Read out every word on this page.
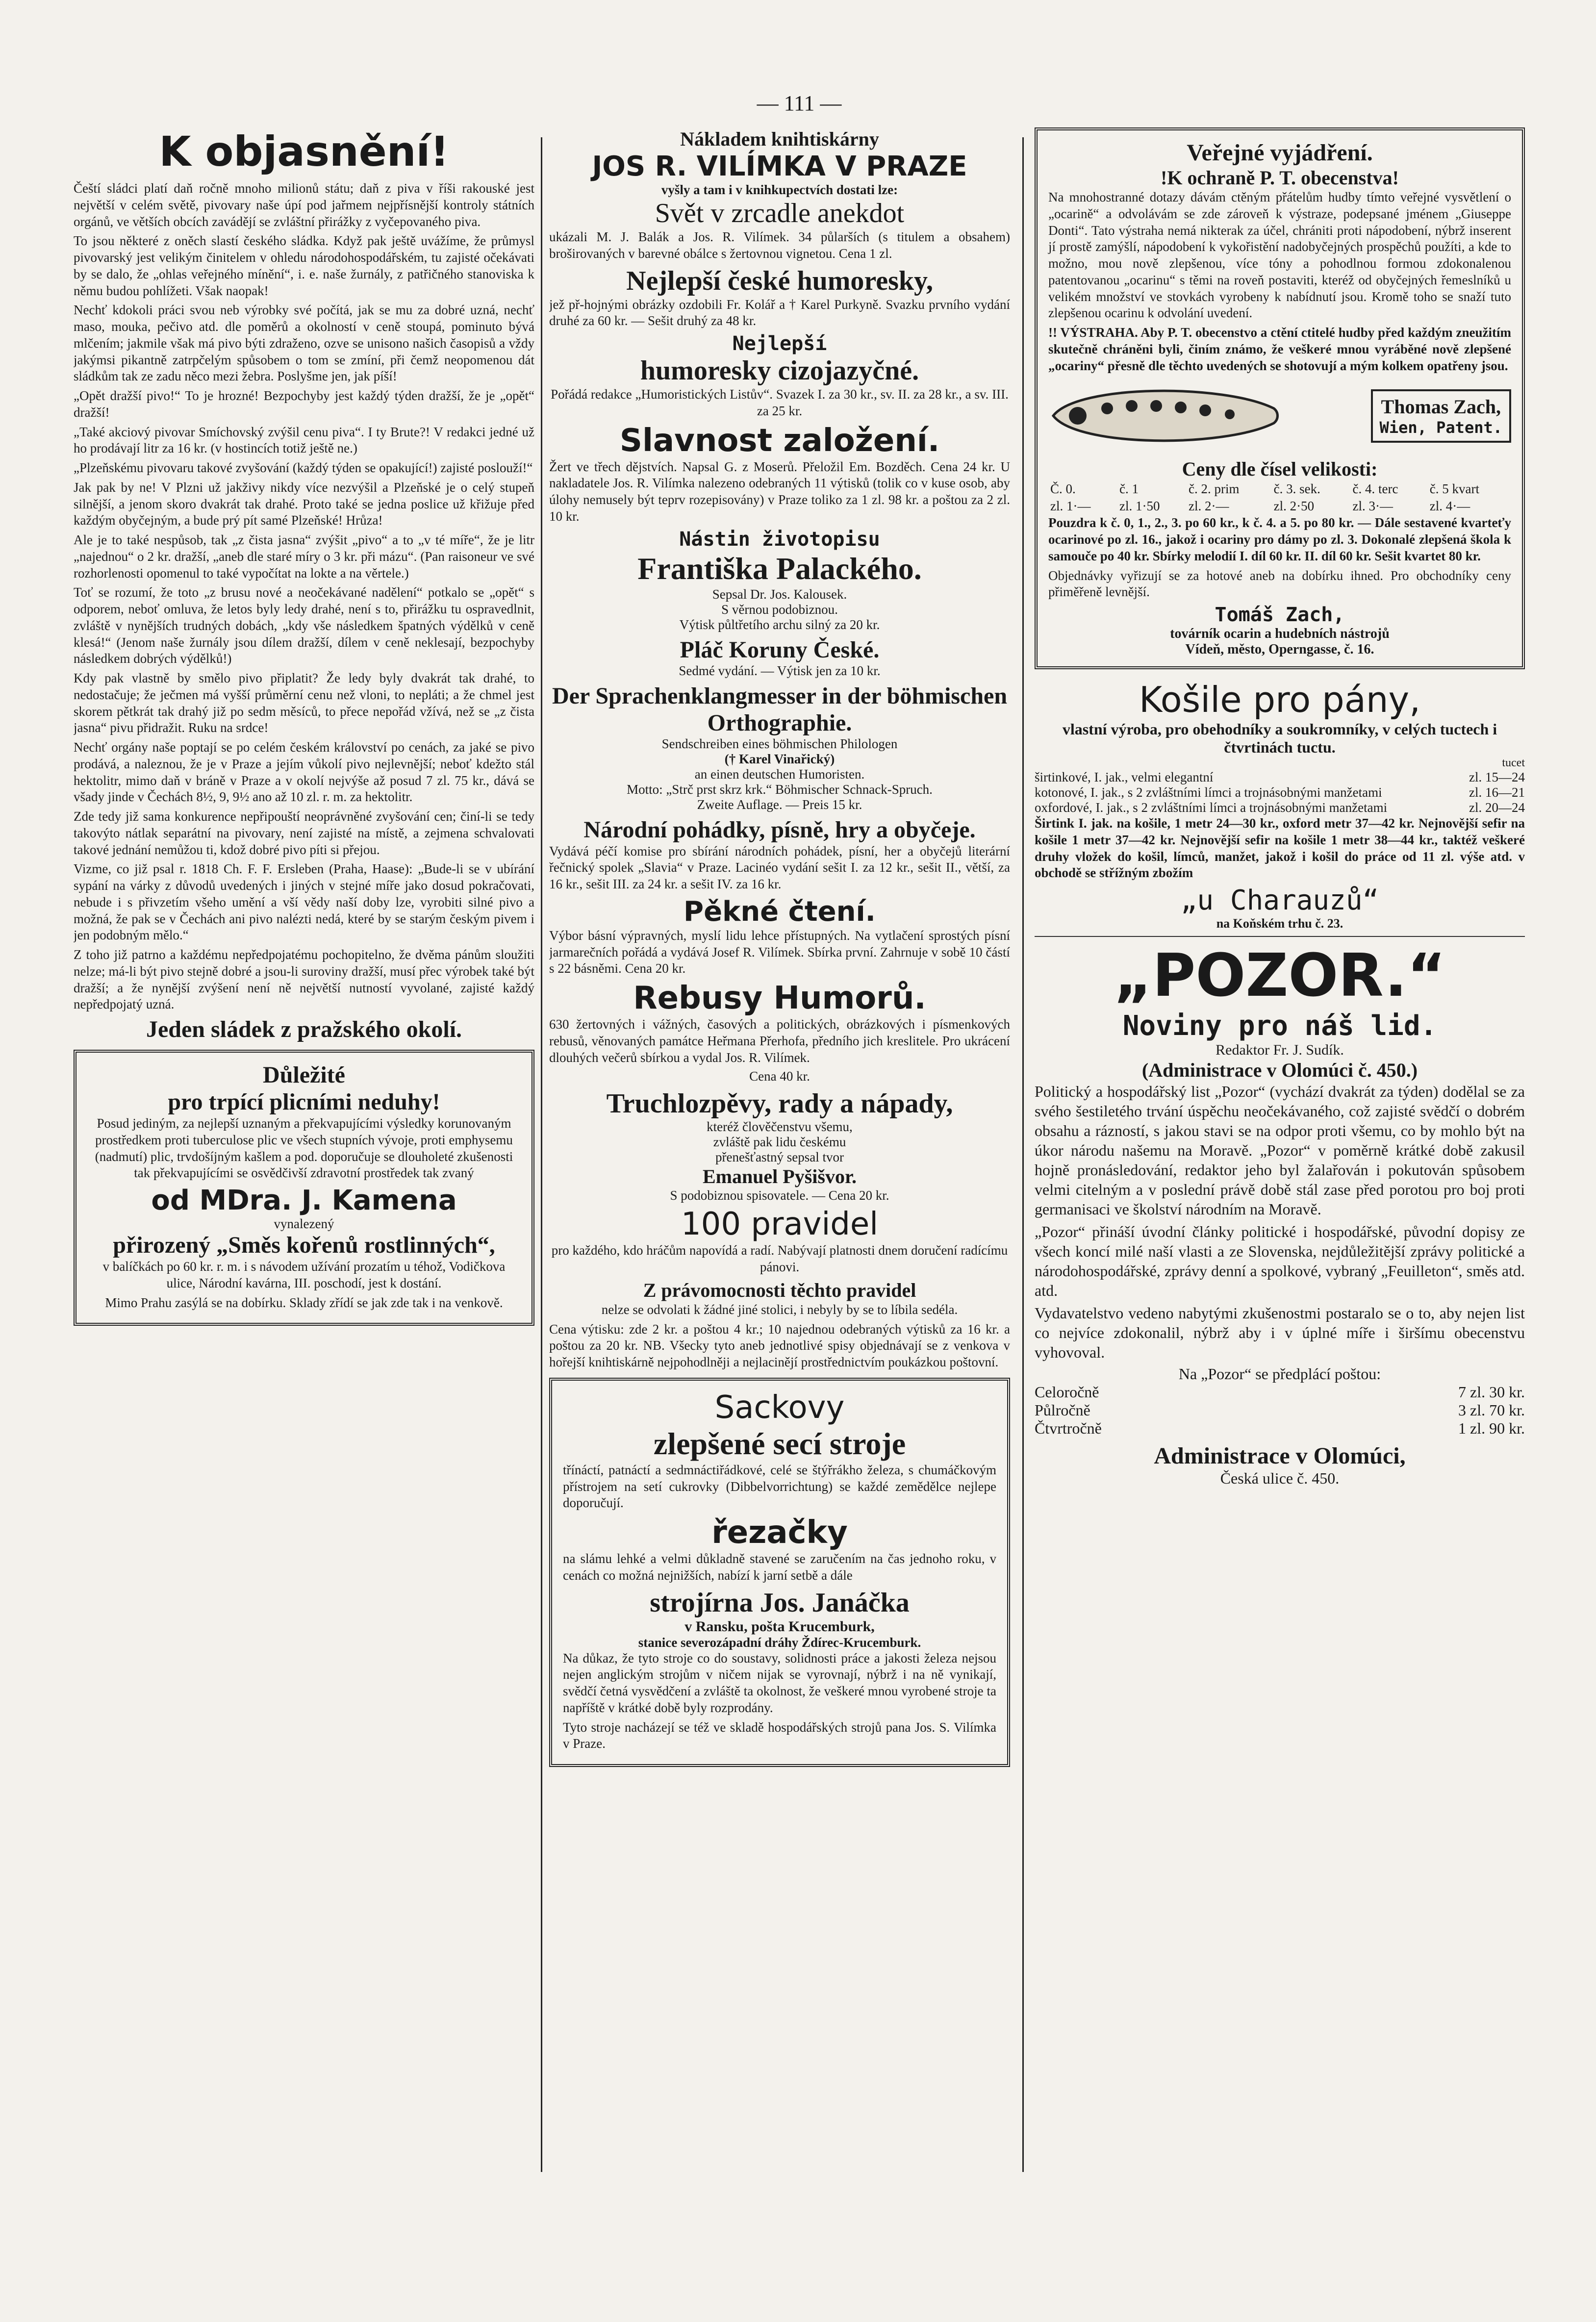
— 111 —
K objasnění!

Čeští sládci platí daň ročně mnoho milionů státu; daň z piva v říši rakouské jest největší v celém světě, pivovary naše úpí pod jařmem nejpřísnější kontroly státních orgánů, ve větších obcích zavádějí se zvláštní přirážky z vyčepovaného piva.

To jsou některé z oněch slastí českého sládka. Když pak ještě uvážíme, že průmysl pivovarský jest velikým činitelem v ohledu národohospodářském, tu zajisté očekávati by se dalo, že „ohlas veřejného mínění“, i. e. naše žurnály, z patřičného stanoviska k němu budou pohlížeti. Však naopak!

Nechť kdokoli práci svou neb výrobky své počítá, jak se mu za dobré uzná, nechť maso, mouka, pečivo atd. dle poměrů a okolností v ceně stoupá, pominuto bývá mlčením; jakmile však má pivo býti zdraženo, ozve se unisono našich časopisů a vždy jakýmsi pikantně zatrpčelým spůsobem o tom se zmíní, při čemž neopomenou dát sládkům tak ze zadu něco mezi žebra. Poslyšme jen, jak píší!

„Opět dražší pivo!“ To je hrozné! Bezpochyby jest každý týden dražší, že je „opět“ dražší!

„Také akciový pivovar Smíchovský zvýšil cenu piva“. I ty Brute?! V redakci jedné už ho prodávají litr za 16 kr. (v hostincích totiž ještě ne.)

„Plzeňskému pivovaru takové zvyšování (každý týden se opakující!) zajisté poslouží!“

Jak pak by ne! V Plzni už jakživy nikdy více nezvýšil a Plzeňské je o celý stupeň silnější, a jenom skoro dvakrát tak drahé. Proto také se jedna poslice už křižuje před každým obyčejným, a bude prý pít samé Plzeňské! Hrůza!

Ale je to také nespůsob, tak „z čista jasna“ zvýšit „pivo“ a to „v té míře“, že je litr „najednou“ o 2 kr. dražší, „aneb dle staré míry o 3 kr. při mázu“. (Pan raisoneur ve své rozhorlenosti opomenul to také vypočítat na lokte a na věrtele.)

Toť se rozumí, že toto „z brusu nové a neočekávané nadělení“ potkalo se „opět“ s odporem, neboť omluva, že letos byly ledy drahé, není s to, přirážku tu ospravedlnit, zvláště v nynějších trudných dobách, „kdy vše následkem špatných výdělků v ceně klesá!“ (Jenom naše žurnály jsou dílem dražší, dílem v ceně neklesají, bezpochyby následkem dobrých výdělků!)

Kdy pak vlastně by smělo pivo připlatit? Že ledy byly dvakrát tak drahé, to nedostačuje; že ječmen má vyšší průměrní cenu než vloni, to nepláti; a že chmel jest skorem pětkrát tak drahý již po sedm měsíců, to přece nepořád vžívá, než se „z čista jasna“ pivu přidražit. Ruku na srdce!

Nechť orgány naše poptají se po celém českém království po cenách, za jaké se pivo prodává, a naleznou, že je v Praze a jejím vůkolí pivo nejlevnější; neboť kdežto stál hektolitr, mimo daň v bráně v Praze a v okolí nejvýše až posud 7 zl. 75 kr., dává se všady jinde v Čechách 8½, 9, 9½ ano až 10 zl. r. m. za hektolitr.

Zde tedy již sama konkurence nepřipouští neoprávněné zvyšování cen; činí-li se tedy takovýto nátlak separátní na pivovary, není zajisté na místě, a zejmena schvalovati takové jednání nemůžou ti, kdož dobré pivo píti si přejou.

Vizme, co již psal r. 1818 Ch. F. F. Ersleben (Praha, Haase): „Bude-li se v ubírání sypání na várky z důvodů uvedených i jiných v stejné míře jako dosud pokračovati, nebude i s přivzetím všeho umění a vší vědy naší doby lze, vyrobiti silné pivo a možná, že pak se v Čechách ani pivo nalézti nedá, které by se starým českým pivem i jen podobným mělo.“

Z toho již patrno a každému nepředpojatému pochopitelno, že dvěma pánům sloužiti nelze; má-li být pivo stejně dobré a jsou-li suroviny dražší, musí přec výrobek také být dražší; a že nynější zvýšení není ně největší nutností vyvolané, zajisté každý nepředpojatý uzná.

Jeden sládek z pražského okolí.
Důležité
pro trpící plicními neduhy!

Posud jediným, za nejlepší uznaným a překvapujícími výsledky korunovaným prostředkem proti tuberculose plic ve všech stupních vývoje, proti emphysemu (nadmutí) plic, trvdošíjným kašlem a pod. doporučuje se dlouholeté zkušenosti tak překvapujícími se osvědčivší zdravotní prostředek tak zvaný

od MDra. J. Kamena
vynalezený
přirozený „Směs kořenů rostlinných“,

v balíčkách po 60 kr. r. m. i s návodem užívání prozatím u téhož, Vodičkova ulice, Národní kavárna, III. poschodí, jest k dostání.

Mimo Prahu zasýlá se na dobírku. Sklady zřídí se jak zde tak i na venkově.

Nákladem knihtiskárny
JOS R. VILÍMKA V PRAZE
vyšly a tam i v knihkupectvích dostati lze:
Svět v zrcadle anekdot

ukázali M. J. Balák a Jos. R. Vilímek. 34 půlarších (s titulem a obsahem) broširovaných v barevné obálce s žertovnou vignetou. Cena 1 zl.

Nejlepší české humoresky,

jež př-hojnými obrázky ozdobili Fr. Kolář a † Karel Purkyně. Svazku prvního vydání druhé za 60 kr. — Sešit druhý za 48 kr.

Nejlepší
humoresky cizojazyčné.

Pořádá redakce „Humoristických Listův“. Svazek I. za 30 kr., sv. II. za 28 kr., a sv. III. za 25 kr.

Slavnost založení.

Žert ve třech dějstvích. Napsal G. z Moserů. Přeložil Em. Bozděch. Cena 24 kr. U nakladatele Jos. R. Vilímka nalezeno odebraných 11 výtisků (tolik co v kuse osob, aby úlohy nemusely být teprv rozepisovány) v Praze toliko za 1 zl. 98 kr. a poštou za 2 zl. 10 kr.

Nástin životopisu
Františka Palackého.
Sepsal Dr. Jos. Kalousek.
S věrnou podobiznou.
Výtisk půltřetího archu silný za 20 kr.
Pláč Koruny České.
Sedmé vydání. — Výtisk jen za 10 kr.
Der Sprachenklangmesser in der böhmischen Orthographie.
Sendschreiben eines böhmischen Philologen
(† Karel Vinařický)
an einen deutschen Humoristen.
Motto: „Strč prst skrz krk.“ Böhmischer Schnack-Spruch.
Zweite Auflage. — Preis 15 kr.
Národní pohádky, písně, hry a obyčeje.

Vydává péčí komise pro sbírání národních pohádek, písní, her a obyčejů literární řečnický spolek „Slavia“ v Praze. Lacinéo vydání sešit I. za 12 kr., sešit II., větší, za 16 kr., sešit III. za 24 kr. a sešit IV. za 16 kr.

Pěkné čtení.

Výbor básní výpravných, myslí lidu lehce přístupných. Na vytlačení sprostých písní jarmarečních pořádá a vydává Josef R. Vilímek. Sbírka první. Zahrnuje v sobě 10 částí s 22 básněmi. Cena 20 kr.

Rebusy Humorů.

630 žertovných i vážných, časových a politických, obrázkových i písmenkových rebusů, věnovaných památce Heřmana Přerhofa, předního jich kreslitele. Pro ukrácení dlouhých večerů sbírkou a vydal Jos. R. Vilímek.

Cena 40 kr.
Truchlozpěvy, rady a nápady,
kteréž člověčenstvu všemu,
zvláště pak lidu českému
přenešťastný sepsal tvor
Emanuel Pyšišvor.
S podobiznou spisovatele. — Cena 20 kr.
100 pravidel

pro každého, kdo hráčům napovídá a radí. Nabývají platnosti dnem doručení radícímu pánovi.

Z právomocnosti těchto pravidel

nelze se odvolati k žádné jiné stolici, i nebyly by se to líbila sedéla.

Cena výtisku: zde 2 kr. a poštou 4 kr.; 10 najednou odebraných výtisků za 16 kr. a poštou za 20 kr. NB. Všecky tyto aneb jednotlivé spisy objednávají se z venkova v hořejší knihtiskárně nejpohodlněji a nejlacinějí prostřednictvím poukázkou poštovní.

Sackovy
zlepšené secí stroje

třínáctí, patnáctí a sedmnáctiřádkové, celé se štýřrákho železa, s chumáčkovým přístrojem na setí cukrovky (Dibbelvorrichtung) se každé zemědělce nejlepe doporučují.

řezačky

na slámu lehké a velmi důkladně stavené se zaručením na čas jednoho roku, v cenách co možná nejnižších, nabízí k jarní setbě a dále

strojírna Jos. Janáčka
v Ransku, pošta Krucemburk,
stanice severozápadní dráhy Ždírec-Krucemburk.

Na důkaz, že tyto stroje co do soustavy, solidnosti práce a jakosti železa nejsou nejen anglickým strojům v ničem nijak se vyrovnají, nýbrž i na ně vynikají, svědčí četná vysvědčení a zvláště ta okolnost, že veškeré mnou vyrobené stroje ta napříště v krátké době byly rozprodány.

Tyto stroje nacházejí se též ve skladě hospodářských strojů pana Jos. S. Vilímka v Praze.

Veřejné vyjádření.
!K ochraně P. T. obecenstva!

Na mnohostranné dotazy dávám ctěným přátelům hudby tímto veřejné vysvětlení o „ocarině“ a odvolávám se zde zároveň k výstraze, podepsané jménem „Giuseppe Donti“. Tato výstraha nemá nikterak za účel, chrániti proti nápodobení, nýbrž inserent jí prostě zamýšlí, nápodobení k vykořistění nadobyčejných prospěchů použíti, a kde to možno, mou nově zlepšenou, více tóny a pohodlnou formou zdokonalenou patentovanou „ocarinu“ s těmi na roveň postaviti, kteréž od obyčejných řemeslníků u velikém množství ve stovkách vyrobeny k nabídnutí jsou. Kromě toho se snaží tuto zlepšenou ocarinu k odvolání uvedení.

!! VÝSTRAHA. Aby P. T. obecenstvo a ctění ctitelé hudby před každým zneužitím skutečně chráněni byli, činím známo, že veškeré mnou vyráběné nově zlepšené „ocariny“ přesně dle těchto uvedených se shotovují a mým kolkem opatřeny jsou.

Thomas Zach,
Wien, Patent.
Ceny dle čísel velikosti:
Č. 0.	č. 1	č. 2. prim	č. 3. sek.	č. 4. terc	č. 5 kvart
zl. 1·—	zl. 1·50	zl. 2·—	zl. 2·50	zl. 3·—	zl. 4·—

Pouzdra k č. 0, 1., 2., 3. po 60 kr., k č. 4. a 5. po 80 kr. — Dále sestavené kvarteťy ocarinové po zl. 16., jakož i ocariny pro dámy po zl. 3. Dokonalé zlepšená škola k samouče po 40 kr. Sbírky melodií I. díl 60 kr. II. díl 60 kr. Sešit kvartet 80 kr.

Objednávky vyřizují se za hotové aneb na dobírku ihned. Pro obchodníky ceny přiměřeně levnější.

Tomáš Zach,
továrník ocarin a hudebních nástrojů
Vídeň, město, Operngasse, č. 16.
Košile pro pány,
vlastní výroba, pro obehodníky a soukromníky, v celých tuctech i čtvrtinách tuctu.
tucet
širtinkové, I. jak., velmi elegantní	zl. 15—24
kotonové, I. jak., s 2 zvláštními límci a trojnásobnými manžetami	zl. 16—21
oxfordové, I. jak., s 2 zvláštními límci a trojnásobnými manžetami	zl. 20—24

Širtink I. jak. na košile, 1 metr 24—30 kr., oxford metr 37—42 kr. Nejnovější sefir na košile 1 metr 37—42 kr. Nejnovější sefir na košile 1 metr 38—44 kr., taktéž veškeré druhy vložek do košil, límců, manžet, jakož i košil do práce od 11 zl. výše atd. v obchodě se střížným zbožím

„u Charauzů“
na Koňském trhu č. 23.
„POZOR.“
Noviny pro náš lid.
Redaktor Fr. J. Sudík.
(Administrace v Olomúci č. 450.)

Politický a hospodářský list „Pozor“ (vychází dvakrát za týden) dodělal se za svého šestiletého trvání úspěchu neočekávaného, což zajisté svědčí o dobrém obsahu a rázností, s jakou stavi se na odpor proti všemu, co by mohlo být na úkor národu našemu na Moravě. „Pozor“ v poměrně krátké době zakusil hojně pronásledování, redaktor jeho byl žalařován i pokutován spůsobem velmi citelným a v poslední právě době stál zase před porotou pro boj proti germanisaci ve školství národním na Moravě.

„Pozor“ přináší úvodní články politické i hospodářské, původní dopisy ze všech koncí milé naší vlasti a ze Slovenska, nejdůležitější zprávy politické a národohospodářské, zprávy denní a spolkové, vybraný „Feuilleton“, směs atd. atd.

Vydavatelstvo vedeno nabytými zkušenostmi postaralo se o to, aby nejen list co nejvíce zdokonalil, nýbrž aby i v úplné míře i širšímu obecenstvu vyhovoval.

Na „Pozor“ se předplácí poštou:
Celoročně	7 zl. 30 kr.
Půlročně	3 zl. 70 kr.
Čtvrtročně	1 zl. 90 kr.
Administrace v Olomúci,
Česká ulice č. 450.
